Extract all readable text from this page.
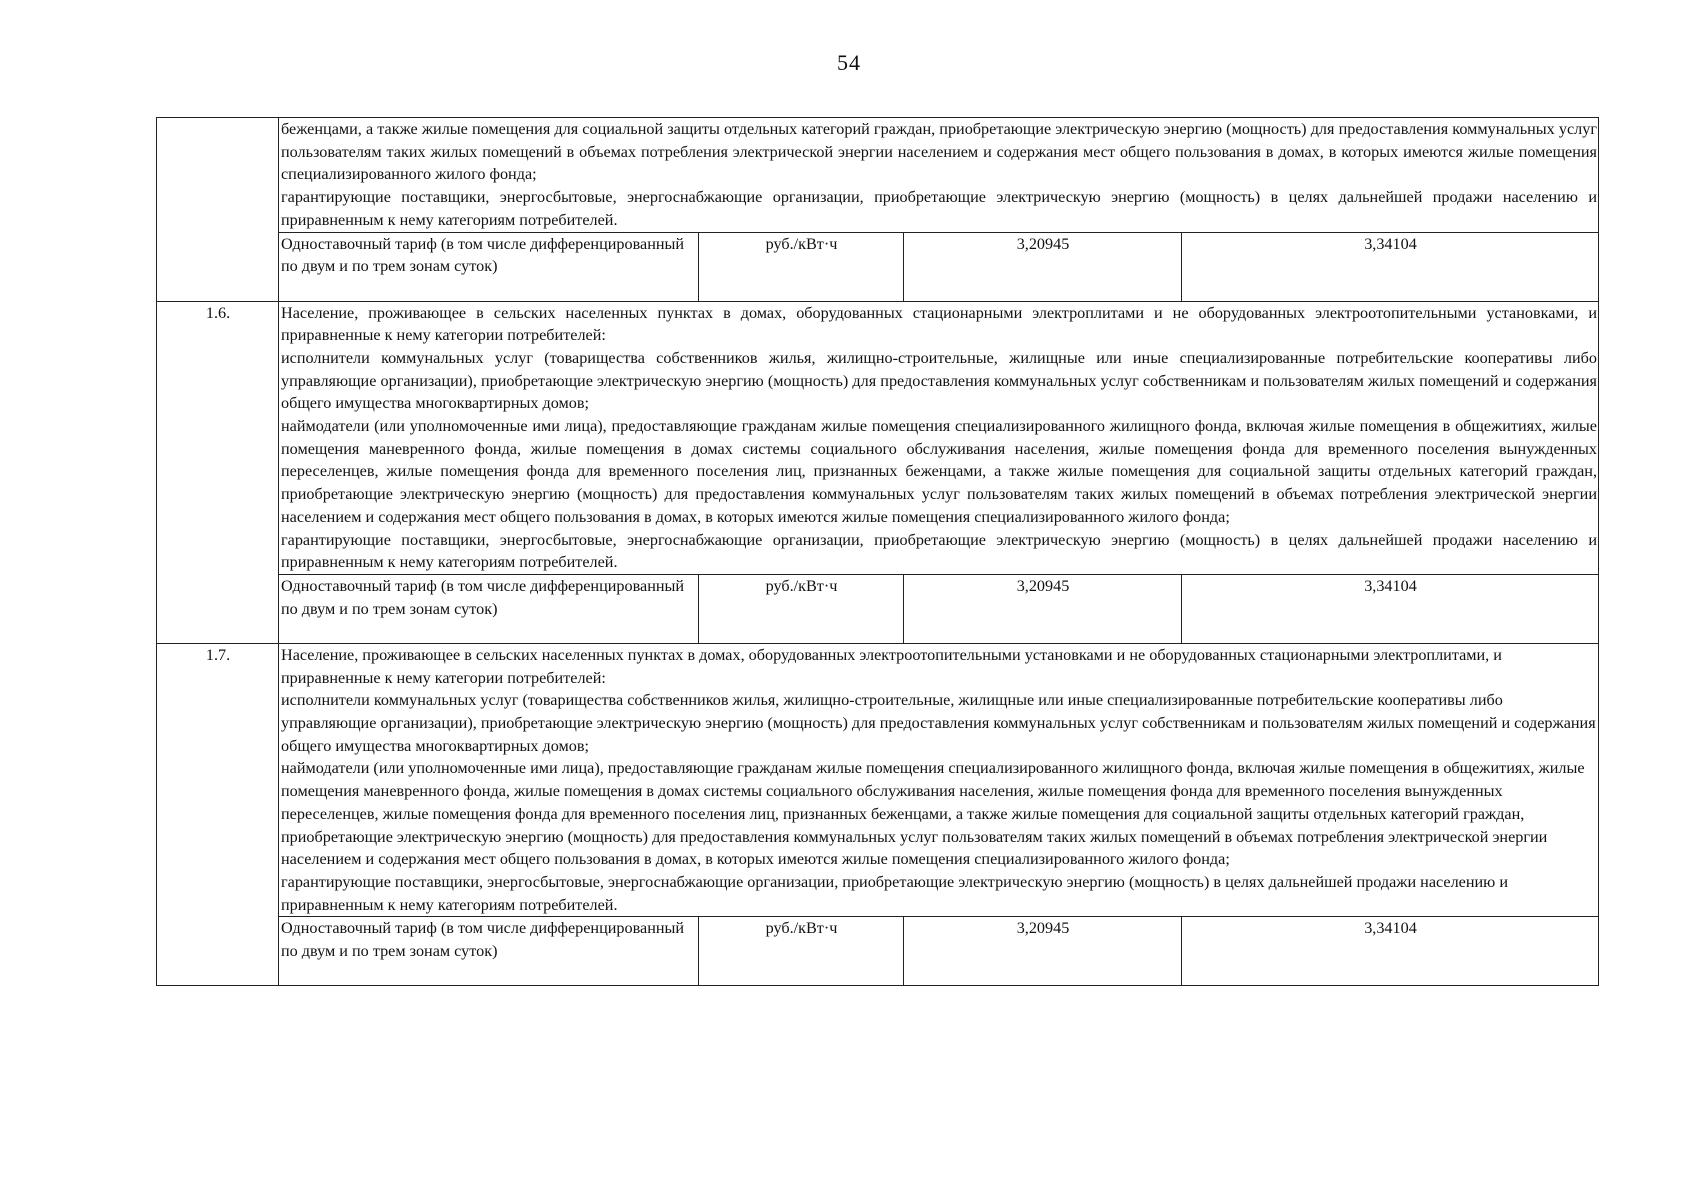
54

	беженцами, а также жилые помещения для социальной защиты отдельных категорий граждан, приобретающие электрическую энергию (мощность) для предоставления коммунальных услуг пользователям таких жилых помещений в объемах потребления электрической энергии населением и содержания мест общего пользования в домах, в которых имеются жилые помещения специализированного жилого фонда;

гарантирующие поставщики, энергосбытовые, энергоснабжающие организации, приобретающие электрическую энергию (мощность) в целях дальнейшей продажи населению и приравненным к нему категориям потребителей.			

	Одноставочный тариф (в том числе дифференцированный по двум и по трем зонам суток)	руб./кВт·ч	3,20945	3,34104
1.6.	Население, проживающее в сельских населенных пунктах в домах, оборудованных стационарными электроплитами и не оборудованных электроотопительными установками, и приравненные к нему категории потребителей:

исполнители коммунальных услуг (товарищества собственников жилья, жилищно-строительные, жилищные или иные специализированные потребительские кооперативы либо управляющие организации), приобретающие электрическую энергию (мощность) для предоставления коммунальных услуг собственникам и пользователям жилых помещений и содержания общего имущества многоквартирных домов;

наймодатели (или уполномоченные ими лица), предоставляющие гражданам жилые помещения специализированного жилищного фонда, включая жилые помещения в общежитиях, жилые помещения маневренного фонда, жилые помещения в домах системы социального обслуживания населения, жилые помещения фонда для временного поселения вынужденных переселенцев, жилые помещения фонда для временного поселения лиц, признанных беженцами, а также жилые помещения для социальной защиты отдельных категорий граждан, приобретающие электрическую энергию (мощность) для предоставления коммунальных услуг пользователям таких жилых помещений в объемах потребления электрической энергии населением и содержания мест общего пользования в домах, в которых имеются жилые помещения специализированного жилого фонда;

гарантирующие поставщики, энергосбытовые, энергоснабжающие организации, приобретающие электрическую энергию (мощность) в целях дальнейшей продажи населению и приравненным к нему категориям потребителей.			

	Одноставочный тариф (в том числе дифференцированный по двум и по трем зонам суток)	руб./кВт·ч	3,20945	3,34104
1.7.	Население, проживающее в сельских населенных пунктах в домах, оборудованных электроотопительными установками и не оборудованных стационарными электроплитами, и приравненные к нему категории потребителей:

исполнители коммунальных услуг (товарищества собственников жилья, жилищно-строительные, жилищные или иные специализированные потребительские кооперативы либо управляющие организации), приобретающие электрическую энергию (мощность) для предоставления коммунальных услуг собственникам и пользователям жилых помещений и содержания общего имущества многоквартирных домов;

наймодатели (или уполномоченные ими лица), предоставляющие гражданам жилые помещения специализированного жилищного фонда, включая жилые помещения в общежитиях, жилые помещения маневренного фонда, жилые помещения в домах системы социального обслуживания населения, жилые помещения фонда для временного поселения вынужденных переселенцев, жилые помещения фонда для временного поселения лиц, признанных беженцами, а также жилые помещения для социальной защиты отдельных категорий граждан, приобретающие электрическую энергию (мощность) для предоставления коммунальных услуг пользователям таких жилых помещений в объемах потребления электрической энергии населением и содержания мест общего пользования в домах, в которых имеются жилые помещения специализированного жилого фонда;

гарантирующие поставщики, энергосбытовые, энергоснабжающие организации, приобретающие электрическую энергию (мощность) в целях дальнейшей продажи населению и приравненным к нему категориям потребителей.			

	Одноставочный тариф (в том числе дифференцированный по двум и по трем зонам суток)	руб./кВт·ч	3,20945	3,34104
